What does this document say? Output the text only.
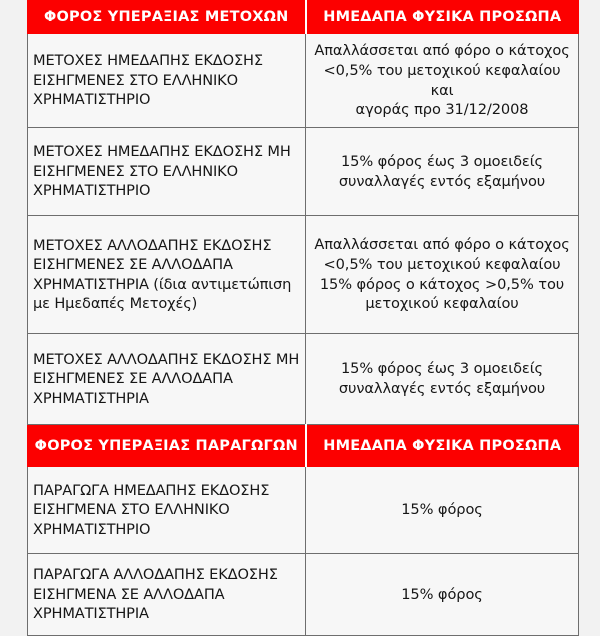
ΦΟΡΟΣ ΥΠΕΡΑΞΙΑΣ ΜΕΤΟΧΩΝ	ΗΜΕΔΑΠΑ ΦΥΣΙΚΑ ΠΡΟΣΩΠΑ

ΜΕΤΟΧΕΣ ΗΜΕΔΑΠΗΣ ΕΚΔΟΣΗΣ
ΕΙΣΗΓΜΕΝΕΣ ΣΤΟ ΕΛΛΗΝΙΚΟ
ΧΡΗΜΑΤΙΣΤΗΡΙΟ	Απαλλάσσεται από φόρο ο κάτοχος
<0,5% του μετοχικού κεφαλαίου και
αγοράς προ 31/12/2008

ΜΕΤΟΧΕΣ ΗΜΕΔΑΠΗΣ ΕΚΔΟΣΗΣ ΜΗ
ΕΙΣΗΓΜΕΝΕΣ ΣΤΟ ΕΛΛΗΝΙΚΟ
ΧΡΗΜΑΤΙΣΤΗΡΙΟ	15% φόρος έως 3 ομοειδείς
συναλλαγές εντός εξαμήνου

ΜΕΤΟΧΕΣ ΑΛΛΟΔΑΠΗΣ ΕΚΔΟΣΗΣ
ΕΙΣΗΓΜΕΝΕΣ ΣΕ ΑΛΛΟΔΑΠΑ
ΧΡΗΜΑΤΙΣΤΗΡΙΑ (ίδια αντιμετώπιση
με Ημεδαπές Μετοχές)	Απαλλάσσεται από φόρο ο κάτοχος
<0,5% του μετοχικού κεφαλαίου
15% φόρος ο κάτοχος >0,5% του
μετοχικού κεφαλαίου

ΜΕΤΟΧΕΣ ΑΛΛΟΔΑΠΗΣ ΕΚΔΟΣΗΣ ΜΗ
ΕΙΣΗΓΜΕΝΕΣ ΣΕ ΑΛΛΟΔΑΠΑ
ΧΡΗΜΑΤΙΣΤΗΡΙΑ	15% φόρος έως 3 ομοειδείς
συναλλαγές εντός εξαμήνου

ΦΟΡΟΣ ΥΠΕΡΑΞΙΑΣ ΠΑΡΑΓΩΓΩΝ	ΗΜΕΔΑΠΑ ΦΥΣΙΚΑ ΠΡΟΣΩΠΑ

ΠΑΡΑΓΩΓΑ ΗΜΕΔΑΠΗΣ ΕΚΔΟΣΗΣ
ΕΙΣΗΓΜΕΝΑ ΣΤΟ ΕΛΛΗΝΙΚΟ
ΧΡΗΜΑΤΙΣΤΗΡΙΟ	15% φόρος

ΠΑΡΑΓΩΓΑ ΑΛΛΟΔΑΠΗΣ ΕΚΔΟΣΗΣ
ΕΙΣΗΓΜΕΝΑ ΣΕ ΑΛΛΟΔΑΠΑ
ΧΡΗΜΑΤΙΣΤΗΡΙΑ	15% φόρος
